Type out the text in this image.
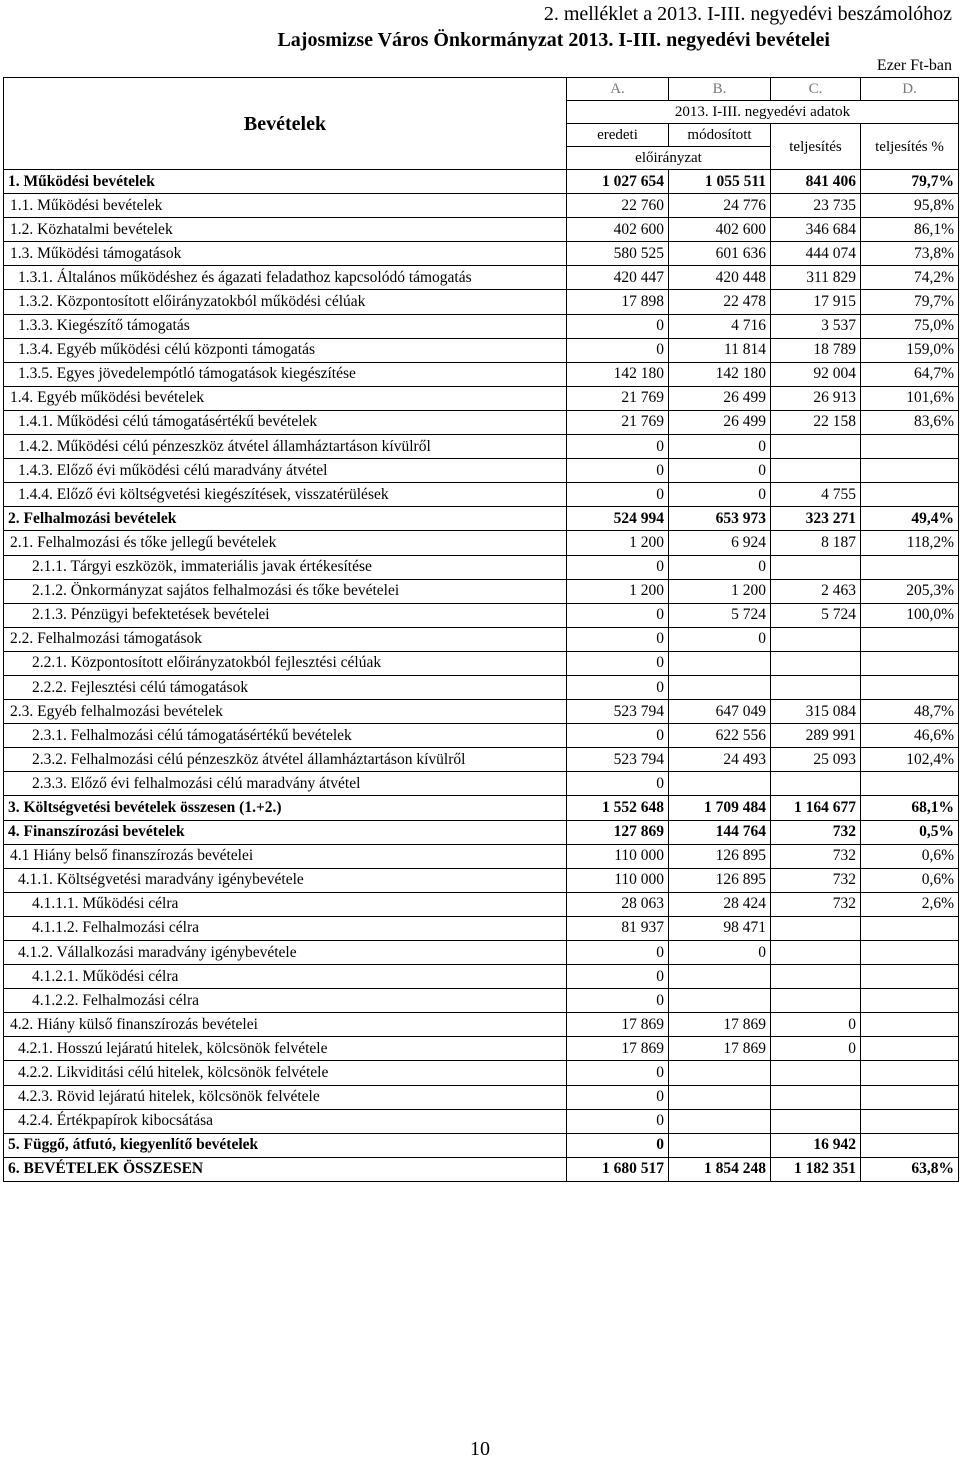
2. melléklet a 2013. I-III. negyedévi beszámolóhoz
Lajosmizse Város Önkormányzat 2013. I-III. negyedévi bevételei
Ezer Ft-ban
Bevételek	A.	B.	C.	D.
	2013. I-III. negyedévi adatok			
	eredeti	módosított	teljesítés	teljesítés %
	előirányzat			
1. Működési bevételek	1 027 654	1 055 511	841 406	79,7%
1.1. Működési bevételek	22 760	24 776	23 735	95,8%
1.2. Közhatalmi bevételek	402 600	402 600	346 684	86,1%
1.3. Működési támogatások	580 525	601 636	444 074	73,8%
1.3.1. Általános működéshez és ágazati feladathoz kapcsolódó támogatás	420 447	420 448	311 829	74,2%
1.3.2. Központosított előirányzatokból működési célúak	17 898	22 478	17 915	79,7%
1.3.3. Kiegészítő támogatás	0	4 716	3 537	75,0%
1.3.4. Egyéb működési célú központi támogatás	0	11 814	18 789	159,0%
1.3.5. Egyes jövedelempótló támogatások kiegészítése	142 180	142 180	92 004	64,7%
1.4. Egyéb működési bevételek	21 769	26 499	26 913	101,6%
1.4.1. Működési célú támogatásértékű bevételek	21 769	26 499	22 158	83,6%
1.4.2. Működési célú pénzeszköz átvétel államháztartáson kívülről	0	0		
1.4.3. Előző évi működési célú maradvány átvétel	0	0		
1.4.4. Előző évi költségvetési kiegészítések, visszatérülések	0	0	4 755	
2. Felhalmozási bevételek	524 994	653 973	323 271	49,4%
2.1. Felhalmozási és tőke jellegű bevételek	1 200	6 924	8 187	118,2%
2.1.1. Tárgyi eszközök, immateriális javak értékesítése	0	0		
2.1.2. Önkormányzat sajátos felhalmozási és tőke bevételei	1 200	1 200	2 463	205,3%
2.1.3. Pénzügyi befektetések bevételei	0	5 724	5 724	100,0%
2.2. Felhalmozási támogatások	0	0		
2.2.1. Központosított előirányzatokból fejlesztési célúak	0			
2.2.2. Fejlesztési célú támogatások	0			
2.3. Egyéb felhalmozási bevételek	523 794	647 049	315 084	48,7%
2.3.1. Felhalmozási célú támogatásértékű bevételek	0	622 556	289 991	46,6%
2.3.2. Felhalmozási célú pénzeszköz átvétel államháztartáson kívülről	523 794	24 493	25 093	102,4%
2.3.3. Előző évi felhalmozási célú maradvány átvétel	0			
3. Költségvetési bevételek összesen (1.+2.)	1 552 648	1 709 484	1 164 677	68,1%
4. Finanszírozási bevételek	127 869	144 764	732	0,5%
4.1 Hiány belső finanszírozás bevételei	110 000	126 895	732	0,6%
4.1.1. Költségvetési maradvány igénybevétele	110 000	126 895	732	0,6%
4.1.1.1. Működési célra	28 063	28 424	732	2,6%
4.1.1.2. Felhalmozási célra	81 937	98 471		
4.1.2. Vállalkozási maradvány igénybevétele	0	0		
4.1.2.1. Működési célra	0			
4.1.2.2. Felhalmozási célra	0			
4.2. Hiány külső finanszírozás bevételei	17 869	17 869	0	
4.2.1. Hosszú lejáratú hitelek, kölcsönök felvétele	17 869	17 869	0	
4.2.2. Likviditási célú hitelek, kölcsönök felvétele	0			
4.2.3. Rövid lejáratú hitelek, kölcsönök felvétele	0			
4.2.4. Értékpapírok kibocsátása	0			
5. Függő, átfutó, kiegyenlítő bevételek	0		16 942	
6. BEVÉTELEK ÖSSZESEN	1 680 517	1 854 248	1 182 351	63,8%
10
